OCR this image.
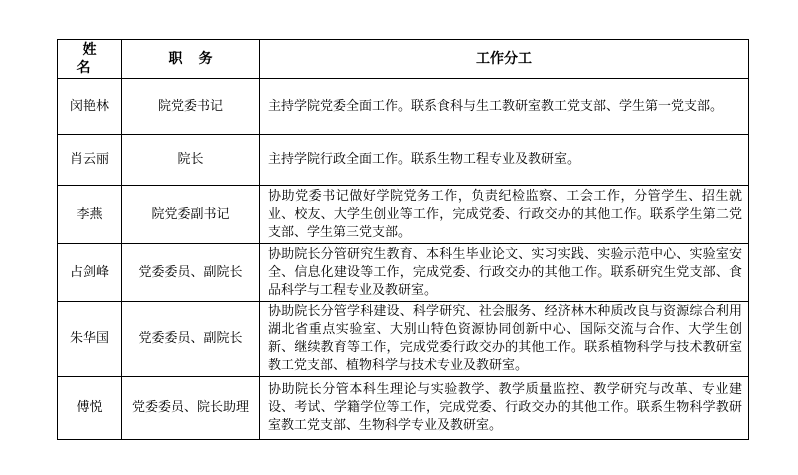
姓名	职务	工作分工
闵艳林	院党委书记	主持学院党委全面工作。联系食科与生工教研室教工党支部、学生第一党支部。
肖云丽	院长	主持学院行政全面工作。联系生物工程专业及教研室。
李燕	院党委副书记	协助党委书记做好学院党务工作，负责纪检监察、工会工作，分管学生、招生就业、校友、大学生创业等工作，完成党委、行政交办的其他工作。联系学生第二党支部、学生第三党支部。
占剑峰	党委委员、副院长	协助院长分管研究生教育、本科生毕业论文、实习实践、实验示范中心、实验室安全、信息化建设等工作，完成党委、行政交办的其他工作。联系研究生党支部、食品科学与工程专业及教研室。
朱华国	党委委员、副院长	协助院长分管学科建设、科学研究、社会服务、经济林木种质改良与资源综合利用湖北省重点实验室、大别山特色资源协同创新中心、国际交流与合作、大学生创新、继续教育等工作，完成党委行政交办的其他工作。联系植物科学与技术教研室教工党支部、植物科学与技术专业及教研室。
傅悦	党委委员、院长助理	协助院长分管本科生理论与实验教学、教学质量监控、教学研究与改革、专业建设、考试、学籍学位等工作，完成党委、行政交办的其他工作。联系生物科学教研室教工党支部、生物科学专业及教研室。
